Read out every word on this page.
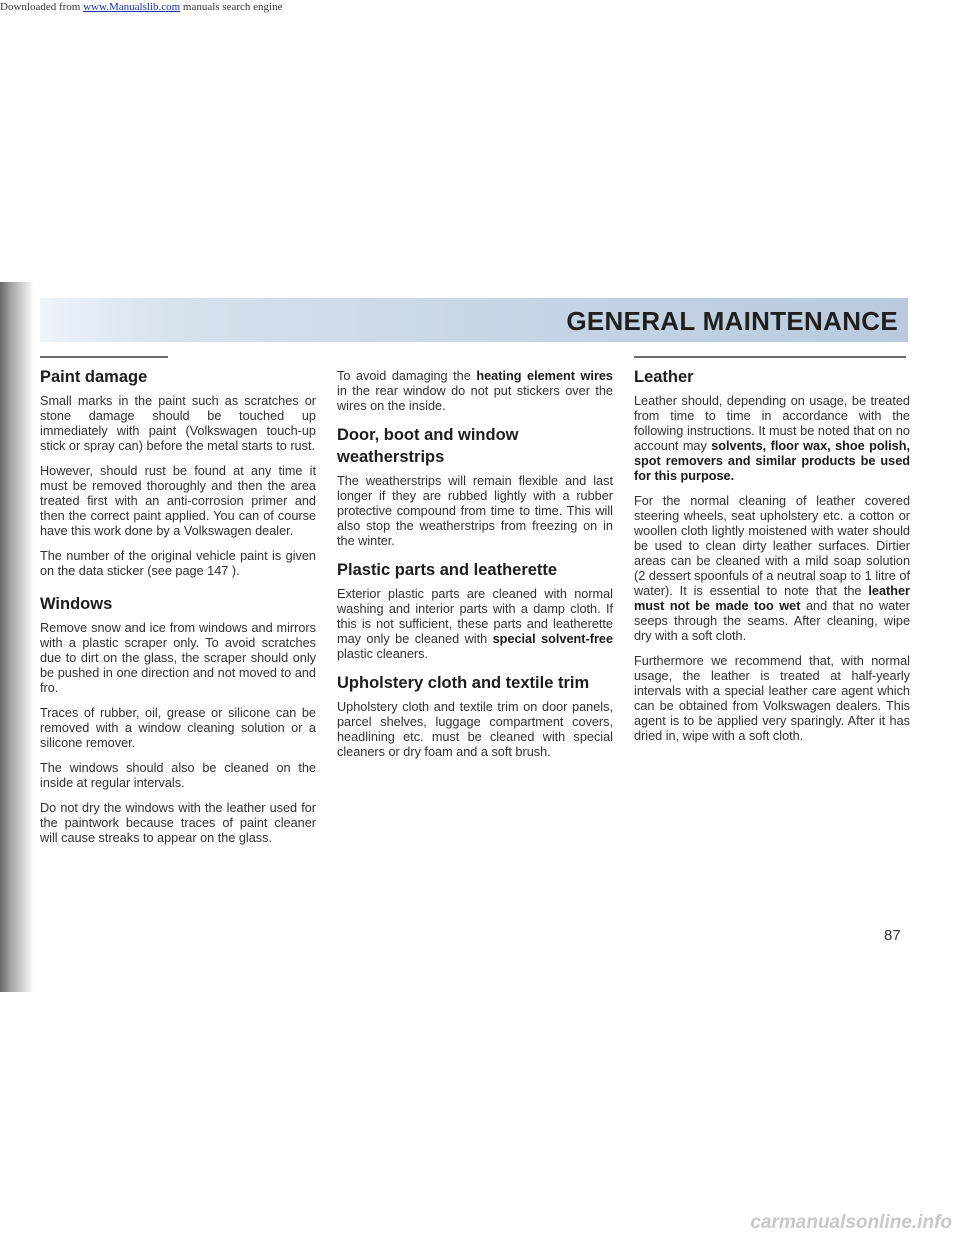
Downloaded from www.Manualslib.com manuals search engine
GENERAL MAINTENANCE
Paint damage

Small marks in the paint such as scratches or stone damage should be touched up immediately with paint (Volkswagen touch-up stick or spray can) before the metal starts to rust.

However, should rust be found at any time it must be removed thoroughly and then the area treated first with an anti-corrosion primer and then the correct paint applied. You can of course have this work done by a Volkswagen dealer.

The number of the original vehicle paint is given on the data sticker (see page 147 ).

Windows

Remove snow and ice from windows and mirrors with a plastic scraper only. To avoid scratches due to dirt on the glass, the scraper should only be pushed in one direction and not moved to and fro.

Traces of rubber, oil, grease or silicone can be removed with a window cleaning solution or a silicone remover.

The windows should also be cleaned on the inside at regular intervals.

Do not dry the windows with the leather used for the paintwork because traces of paint cleaner will cause streaks to appear on the glass.

To avoid damaging the heating element wires in the rear window do not put stickers over the wires on the inside.

Door, boot and window weatherstrips

The weatherstrips will remain flexible and last longer if they are rubbed lightly with a rubber protective compound from time to time. This will also stop the weatherstrips from freezing on in the winter.

Plastic parts and leatherette

Exterior plastic parts are cleaned with normal washing and interior parts with a damp cloth. If this is not sufficient, these parts and leatherette may only be cleaned with special solvent-free plastic cleaners.

Upholstery cloth and textile trim

Upholstery cloth and textile trim on door panels, parcel shelves, luggage compartment covers, headlining etc. must be cleaned with special cleaners or dry foam and a soft brush.

Leather

Leather should, depending on usage, be treated from time to time in accordance with the following instructions. It must be noted that on no account may solvents, floor wax, shoe polish, spot removers and similar products be used for this purpose.

For the normal cleaning of leather covered steering wheels, seat upholstery etc. a cotton or woollen cloth lightly moistened with water should be used to clean dirty leather surfaces. Dirtier areas can be cleaned with a mild soap solution (2 dessert spoonfuls of a neutral soap to 1 litre of water). It is essential to note that the leather must not be made too wet and that no water seeps through the seams. After cleaning, wipe dry with a soft cloth.

Furthermore we recommend that, with normal usage, the leather is treated at half-yearly intervals with a special leather care agent which can be obtained from Volkswagen dealers. This agent is to be applied very sparingly. After it has dried in, wipe with a soft cloth.

87
carmanualsonline.info
